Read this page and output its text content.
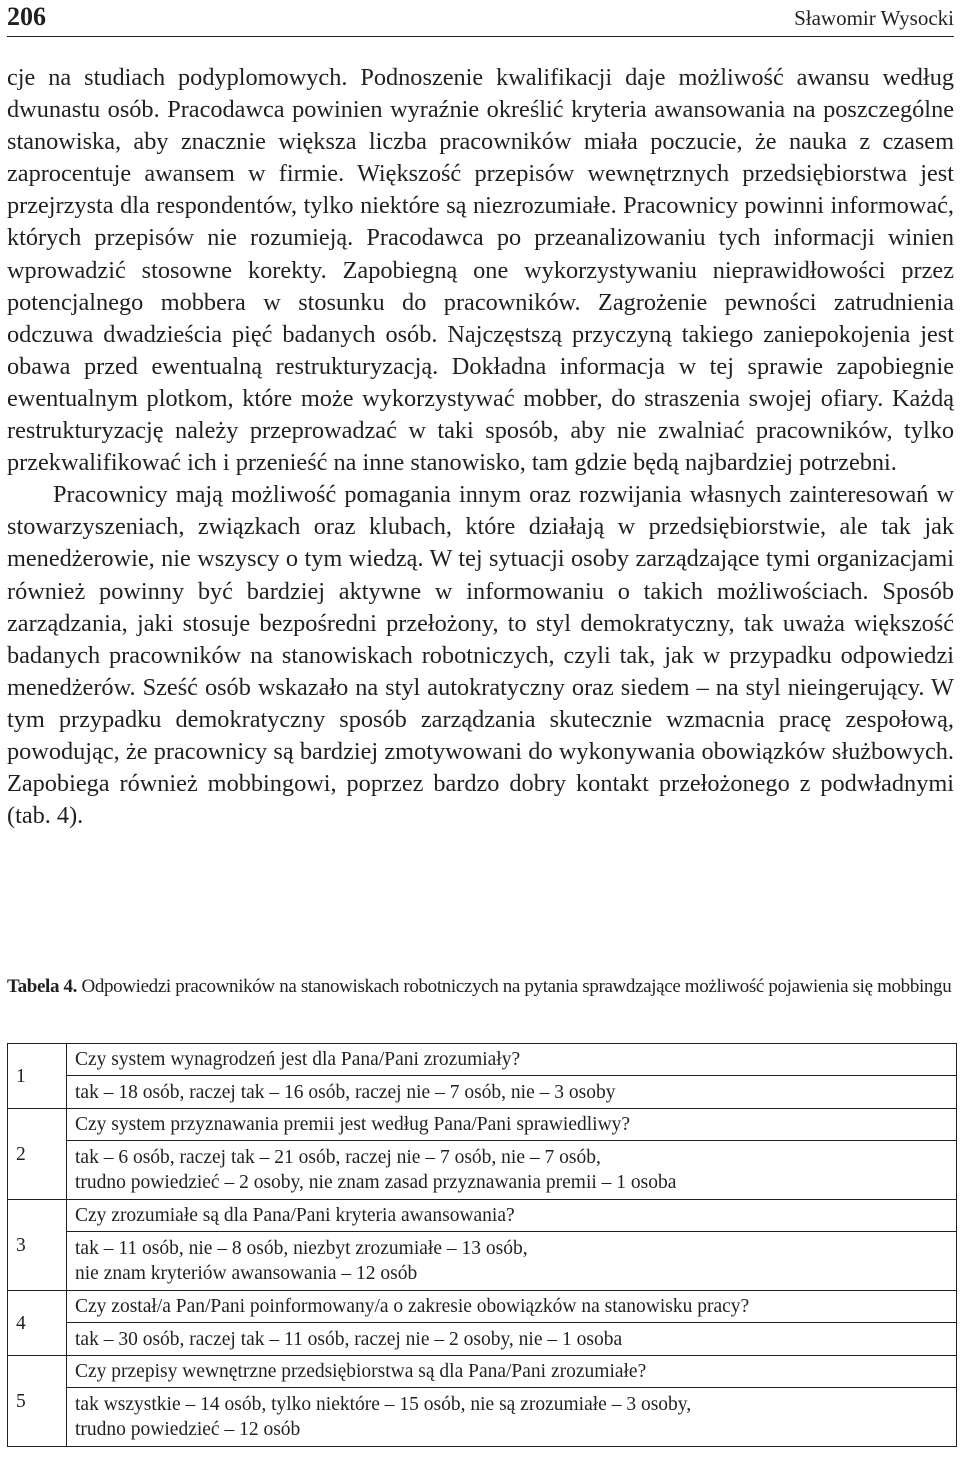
206	Sławomir Wysocki

cje na studiach podyplomowych. Podnoszenie kwalifikacji daje możliwość awansu według dwunastu osób. Pracodawca powinien wyraźnie określić kryteria awansowania na poszczególne stanowiska, aby znacznie większa liczba pracowników miała poczucie, że nauka z czasem zaprocentuje awansem w firmie. Większość przepisów wewnętrznych przedsiębiorstwa jest przejrzysta dla respondentów, tylko niektóre są niezrozumiałe. Pracownicy powinni informować, których przepisów nie rozumieją. Pracodawca po przeanalizowaniu tych informacji winien wprowadzić stosowne korekty. Zapobiegną one wykorzystywaniu nieprawidłowości przez potencjalnego mobbera w stosunku do pracowników. Zagrożenie pewności zatrudnienia odczuwa dwadzieścia pięć badanych osób. Najczęstszą przyczyną takiego zaniepokojenia jest obawa przed ewentualną restrukturyzacją. Dokładna informacja w tej sprawie zapobiegnie ewentualnym plotkom, które może wykorzystywać mobber, do straszenia swojej ofiary. Każdą restrukturyzację należy przeprowadzać w taki sposób, aby nie zwalniać pracowników, tylko przekwalifikować ich i przenieść na inne stanowisko, tam gdzie będą najbardziej potrzebni.

Pracownicy mają możliwość pomagania innym oraz rozwijania własnych zainteresowań w stowarzyszeniach, związkach oraz klubach, które działają w przedsiębiorstwie, ale tak jak menedżerowie, nie wszyscy o tym wiedzą. W tej sytuacji osoby zarządzające tymi organizacjami również powinny być bardziej aktywne w informowaniu o takich możliwościach. Sposób zarządzania, jaki stosuje bezpośredni przełożony, to styl demokratyczny, tak uważa większość badanych pracowników na stanowiskach robotniczych, czyli tak, jak w przypadku odpowiedzi menedżerów. Sześć osób wskazało na styl autokratyczny oraz siedem – na styl nieingerujący. W tym przypadku demokratyczny sposób zarządzania skutecznie wzmacnia pracę zespołową, powodując, że pracownicy są bardziej zmotywowani do wykonywania obowiązków służbowych. Zapobiega również mobbingowi, poprzez bardzo dobry kontakt przełożonego z podwładnymi (tab. 4).

Tabela 4. Odpowiedzi pracowników na stanowiskach robotniczych na pytania sprawdzające możliwość pojawienia się mobbingu

1	Czy system wynagrodzeń jest dla Pana/Pani zrozumiały?
	tak – 18 osób, raczej tak – 16 osób, raczej nie – 7 osób, nie – 3 osoby
2	Czy system przyznawania premii jest według Pana/Pani sprawiedliwy?
	tak – 6 osób, raczej tak – 21 osób, raczej nie – 7 osób, nie – 7 osób,
trudno powiedzieć – 2 osoby, nie znam zasad przyznawania premii – 1 osoba
3	Czy zrozumiałe są dla Pana/Pani kryteria awansowania?
	tak – 11 osób, nie – 8 osób, niezbyt zrozumiałe – 13 osób,
nie znam kryteriów awansowania – 12 osób
4	Czy został/a Pan/Pani poinformowany/a o zakresie obowiązków na stanowisku pracy?
	tak – 30 osób, raczej tak – 11 osób, raczej nie – 2 osoby, nie – 1 osoba
5	Czy przepisy wewnętrzne przedsiębiorstwa są dla Pana/Pani zrozumiałe?
	tak wszystkie – 14 osób, tylko niektóre – 15 osób, nie są zrozumiałe – 3 osoby,
trudno powiedzieć – 12 osób
